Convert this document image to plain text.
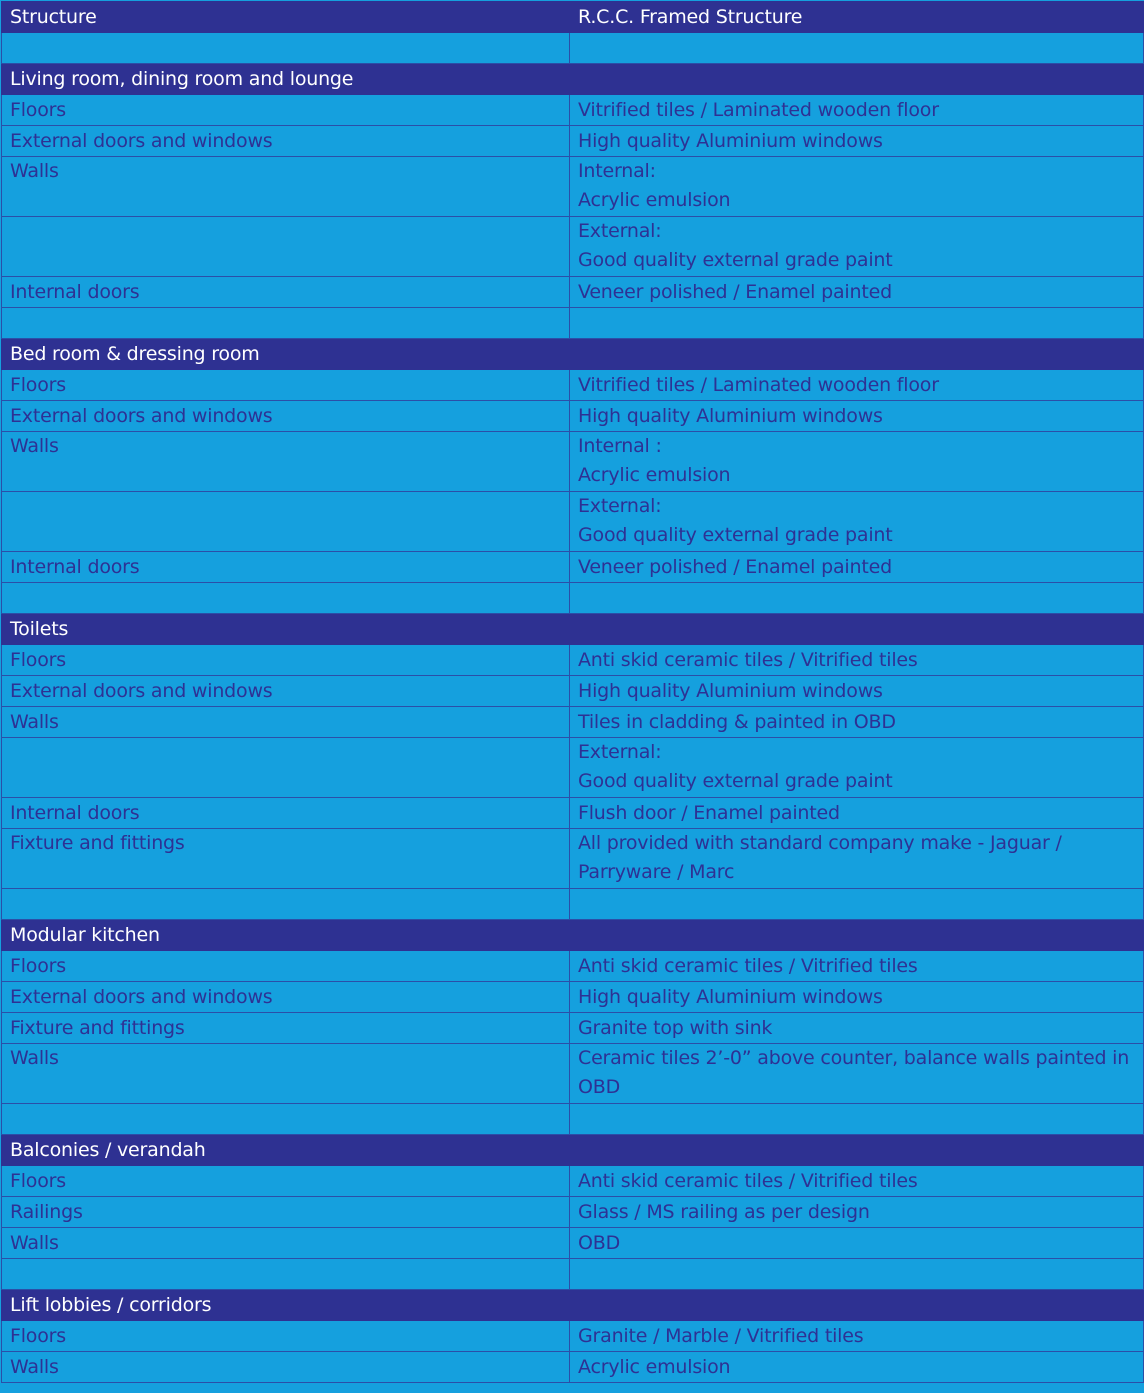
Structure	R.C.C. Framed Structure

Living room, dining room and lounge	
Floors	Vitrified tiles / Laminated wooden floor

External doors and windows	High quality Aluminium windows

Walls	Internal:
Acrylic emulsion

	External:
Good quality external grade paint

Internal doors	Veneer polished / Enamel painted

Bed room & dressing room	
Floors	Vitrified tiles / Laminated wooden floor

External doors and windows	High quality Aluminium windows

Walls	Internal :
Acrylic emulsion

	External:
Good quality external grade paint

Internal doors	Veneer polished / Enamel painted

Toilets	
Floors	Anti skid ceramic tiles / Vitrified tiles

External doors and windows	High quality Aluminium windows

Walls	Tiles in cladding & painted in OBD

	External:
Good quality external grade paint

Internal doors	Flush door / Enamel painted

Fixture and fittings	All provided with standard company make - Jaguar /
Parryware / Marc

Modular kitchen	
Floors	Anti skid ceramic tiles / Vitrified tiles

External doors and windows	High quality Aluminium windows

Fixture and fittings	Granite top with sink

Walls	Ceramic tiles 2’-0” above counter, balance walls painted in
OBD

Balconies / verandah	
Floors	Anti skid ceramic tiles / Vitrified tiles

Railings	Glass / MS railing as per design

Walls	OBD

Lift lobbies / corridors	
Floors	Granite / Marble / Vitrified tiles

Walls	Acrylic emulsion
